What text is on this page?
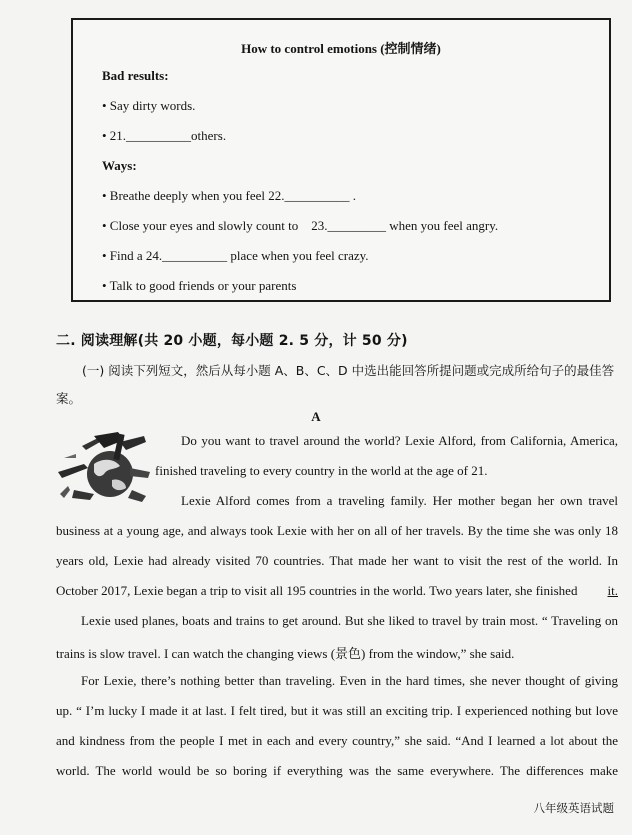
How to control emotions (控制情绪)
Bad results:
• Say dirty words.
• 21.__________others.
Ways:
• Breathe deeply when you feel 22.__________ .
• Close your eyes and slowly count to    23._________ when you feel angry.
• Find a 24.__________ place when you feel crazy.
• Talk to good friends or your parents
二. 阅读理解(共 20 小题，每小题 2. 5 分，计 50 分)
(一) 阅读下列短文，然后从每小题 A、B、C、D 中选出能回答所提问题或完成所给句子的最佳答案。
A
Do you want to travel around the world? Lexie Alford, from California, America,
finished traveling to every country in the world at the age of 21.
Lexie Alford comes from a traveling family. Her mother began her own travel
business at a young age, and always took Lexie with her on all of her travels. By the time she was only 18
years old, Lexie had already visited 70 countries. That made her want to visit the rest of the world. In
October 2017, Lexie began a trip to visit all 195 countries in the world. Two years later, she finished it.
Lexie used planes, boats and trains to get around. But she liked to travel by train most. “ Traveling on
trains is slow travel. I can watch the changing views (景色) from the window,” she said.
For Lexie, there’s nothing better than traveling. Even in the hard times, she never thought of giving
up. “ I’m lucky I made it at last. I felt tired, but it was still an exciting trip. I experienced nothing but love
and kindness from the people I met in each and every country,” she said. “And I learned a lot about the
world. The world would be so boring if everything was the same everywhere. The differences make
八年级英语试题
